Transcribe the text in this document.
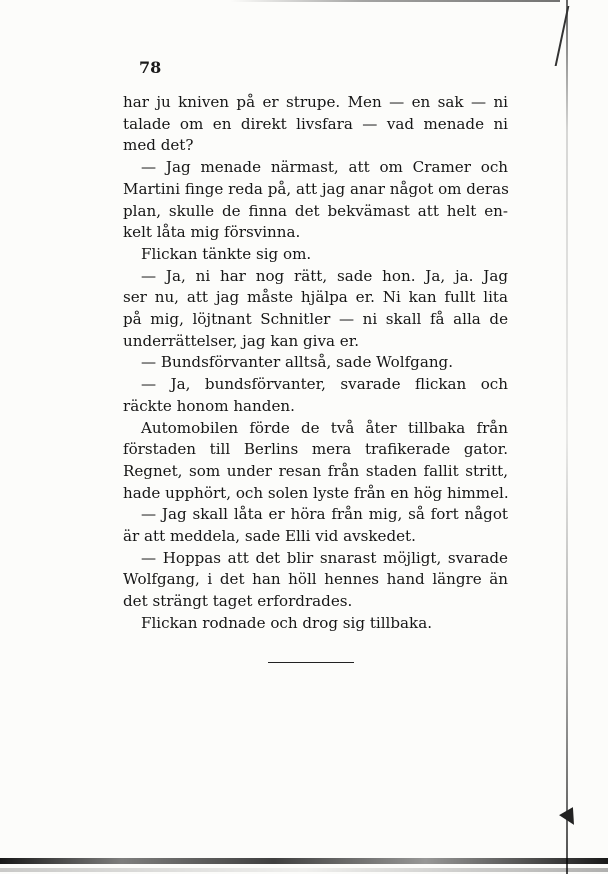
78
har ju kniven på er strupe. Men — en sak — ni
talade om en direkt livsfara — vad menade ni
med det?
— Jag menade närmast, att om Cramer och
Martini finge reda på, att jag anar något om deras
plan, skulle de finna det bekvämast att helt en-
kelt låta mig försvinna.
Flickan tänkte sig om.
— Ja, ni har nog rätt, sade hon. Ja, ja. Jag
ser nu, att jag måste hjälpa er. Ni kan fullt lita
på mig, löjtnant Schnitler — ni skall få alla de
underrättelser, jag kan giva er.
— Bundsförvanter alltså, sade Wolfgang.
— Ja, bundsförvanter, svarade flickan och
räckte honom handen.
Automobilen förde de två åter tillbaka från
förstaden till Berlins mera trafikerade gator.
Regnet, som under resan från staden fallit stritt,
hade upphört, och solen lyste från en hög himmel.
— Jag skall låta er höra från mig, så fort något
är att meddela, sade Elli vid avskedet.
— Hoppas att det blir snarast möjligt, svarade
Wolfgang, i det han höll hennes hand längre än
det strängt taget erfordrades.
Flickan rodnade och drog sig tillbaka.
